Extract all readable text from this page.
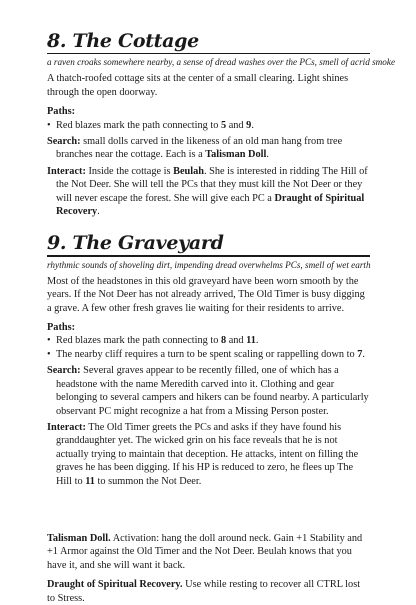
8. The Cottage
a raven croaks somewhere nearby, a sense of dread washes over the PCs, smell of acrid smoke

A thatch-roofed cottage sits at the center of a small clearing. Light shines through the open doorway.

Paths:

• Red blazes mark the path connecting to 5 and 9.

Search: small dolls carved in the likeness of an old man hang from tree branches near the cottage. Each is a Talisman Doll.

Interact: Inside the cottage is Beulah. She is interested in ridding The Hill of the Not Deer. She will tell the PCs that they must kill the Not Deer or they will never escape the forest. She will give each PC a Draught of Spiritual Recovery.

9. The Graveyard
rhythmic sounds of shoveling dirt, impending dread overwhelms PCs, smell of wet earth

Most of the headstones in this old graveyard have been worn smooth by the years. If the Not Deer has not already arrived, The Old Timer is busy digging a grave. A few other fresh graves lie waiting for their residents to arrive.

Paths:

• Red blazes mark the path connecting to 8 and 11.
• The nearby cliff requires a turn to be spent scaling or rappelling down to 7.

Search: Several graves appear to be recently filled, one of which has a headstone with the name Meredith carved into it. Clothing and gear belonging to several campers and hikers can be found nearby. A particularly observant PC might recognize a hat from a Missing Person poster.

Interact: The Old Timer greets the PCs and asks if they have found his granddaughter yet. The wicked grin on his face reveals that he is not actually trying to maintain that deception. He attacks, intent on filling the graves he has been digging. If his HP is reduced to zero, he flees up The Hill to 11 to summon the Not Deer.

Talisman Doll. Activation: hang the doll around neck. Gain +1 Stability and +1 Armor against the Old Timer and the Not Deer. Beulah knows that you have it, and she will want it back.

Draught of Spiritual Recovery. Use while resting to recover all CTRL lost to Stress.
